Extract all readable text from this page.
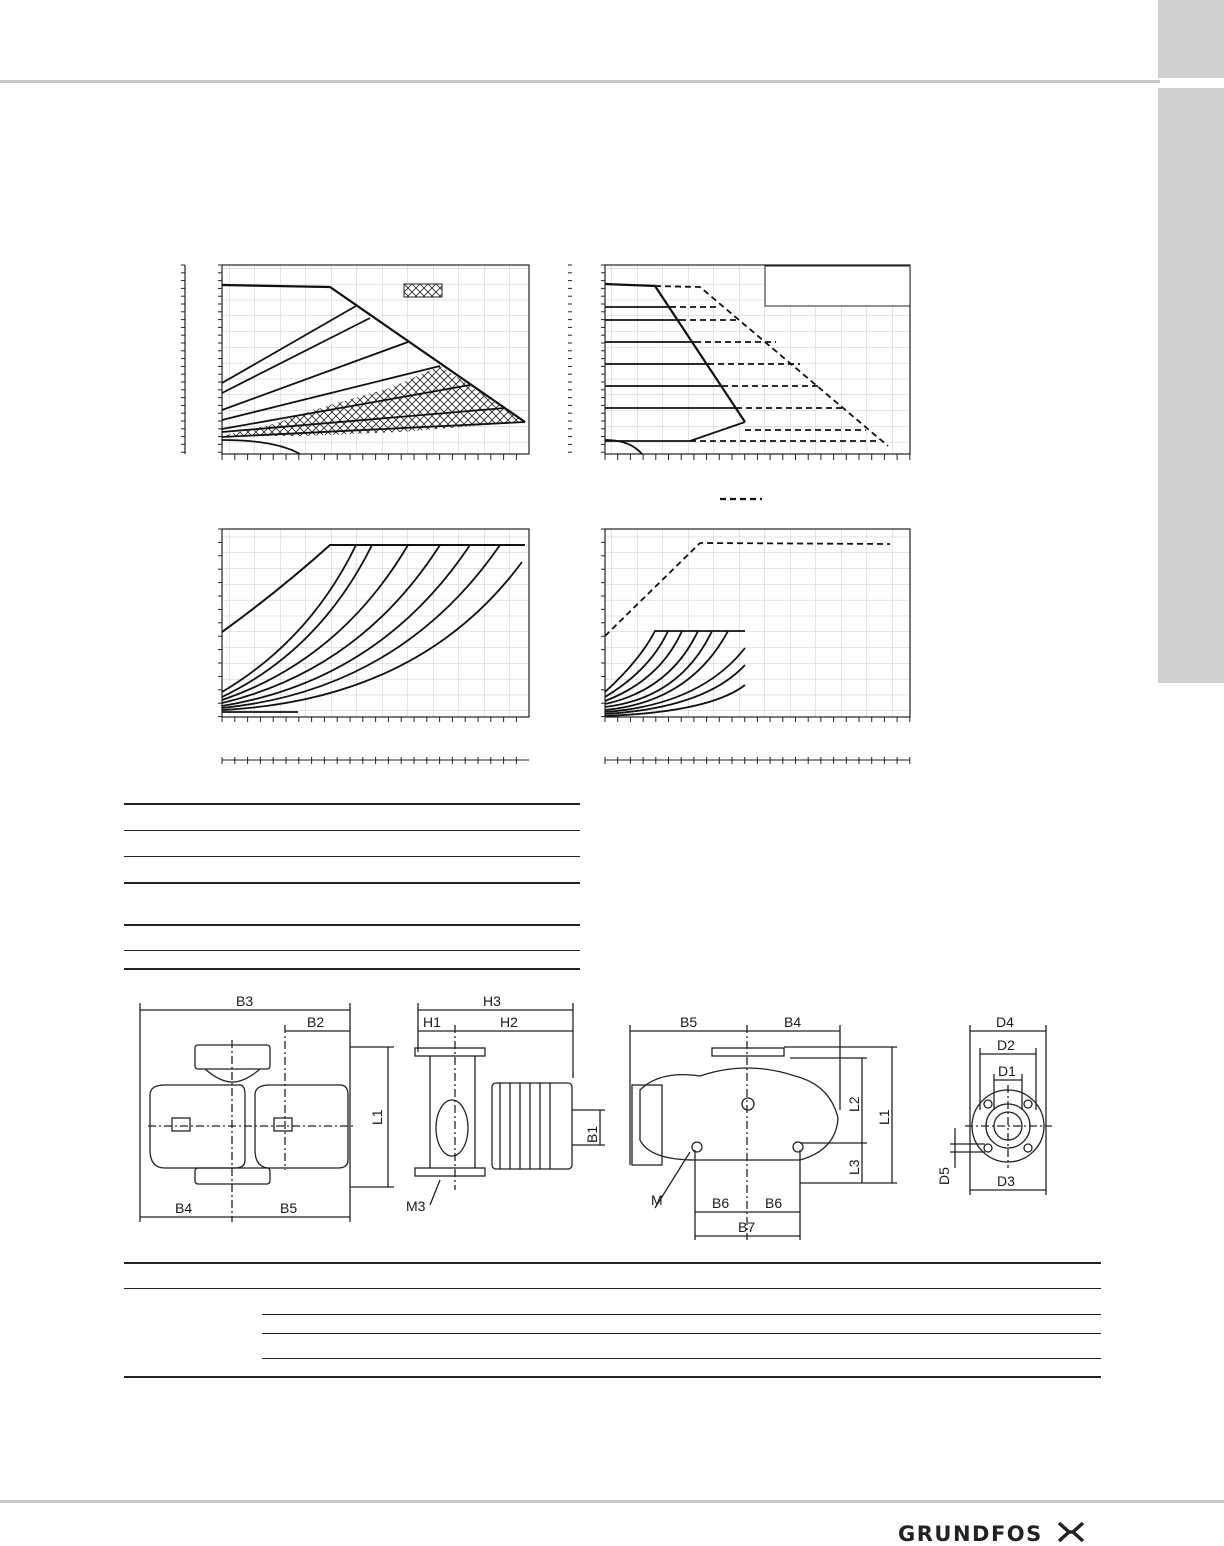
B3
B2
L1
B4	B5
H3
H1	H2
B1
M3
B5	B4
L2
L1
L3
B6	B6
B7
M
D4
D2
D1
D5	D3
GRUNDFOS
